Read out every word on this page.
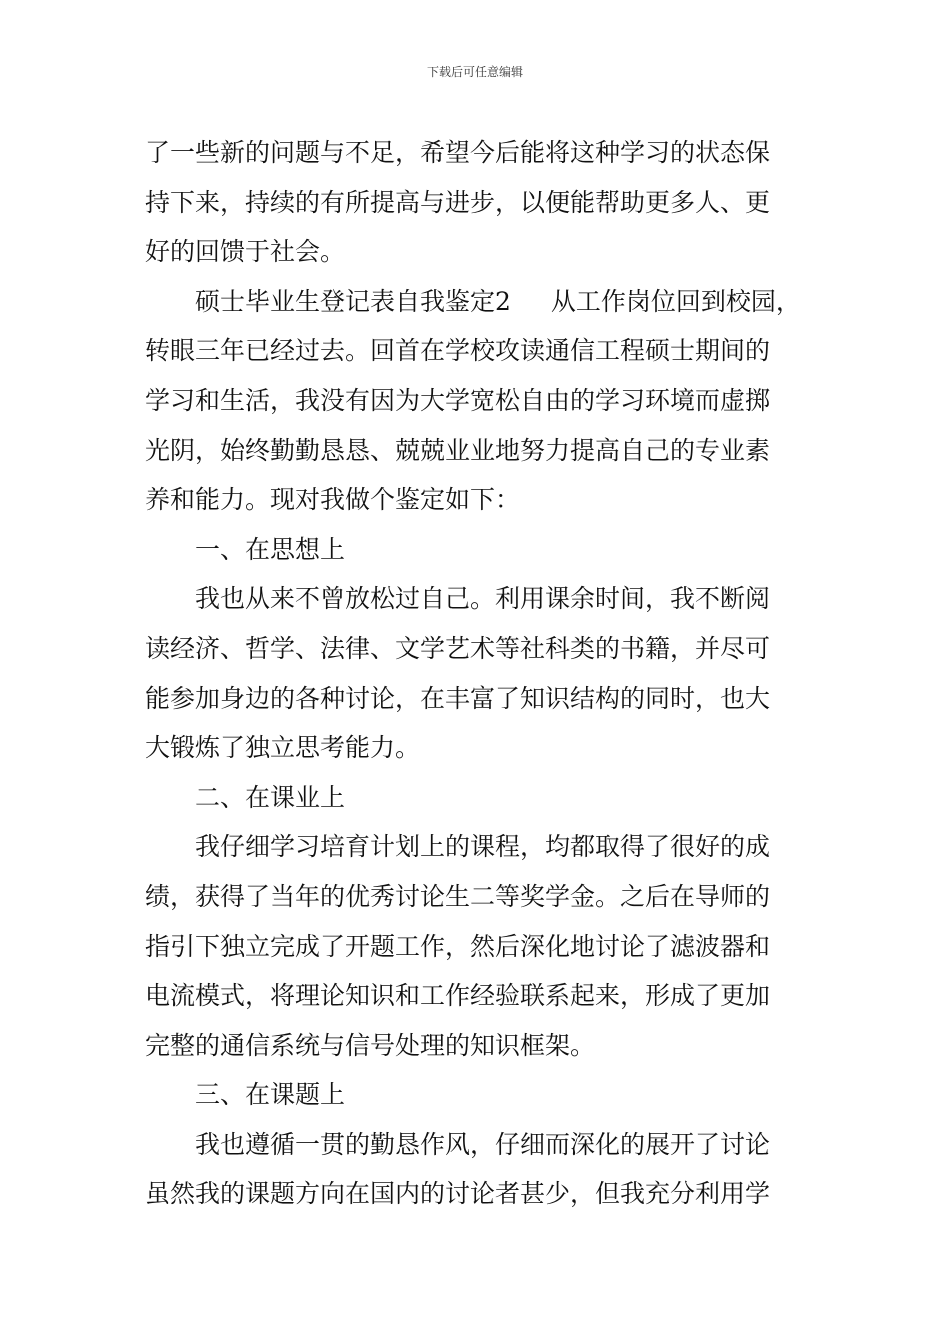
下载后可任意编辑
了一些新的问题与不足，希望今后能将这种学习的状态保
持下来，持续的有所提高与进步，以便能帮助更多人、更
好的回馈于社会。
硕士毕业生登记表自我鉴定2 从工作岗位回到校园，
转眼三年已经过去。回首在学校攻读通信工程硕士期间的
学习和生活，我没有因为大学宽松自由的学习环境而虚掷
光阴，始终勤勤恳恳、兢兢业业地努力提高自己的专业素
养和能力。现对我做个鉴定如下：
一、在思想上
我也从来不曾放松过自己。利用课余时间，我不断阅
读经济、哲学、法律、文学艺术等社科类的书籍，并尽可
能参加身边的各种讨论，在丰富了知识结构的同时，也大
大锻炼了独立思考能力。
二、在课业上
我仔细学习培育计划上的课程，均都取得了很好的成
绩，获得了当年的优秀讨论生二等奖学金。之后在导师的
指引下独立完成了开题工作，然后深化地讨论了滤波器和
电流模式，将理论知识和工作经验联系起来，形成了更加
完整的通信系统与信号处理的知识框架。
三、在课题上
我也遵循一贯的勤恳作风，仔细而深化的展开了讨论
虽然我的课题方向在国内的讨论者甚少，但我充分利用学
